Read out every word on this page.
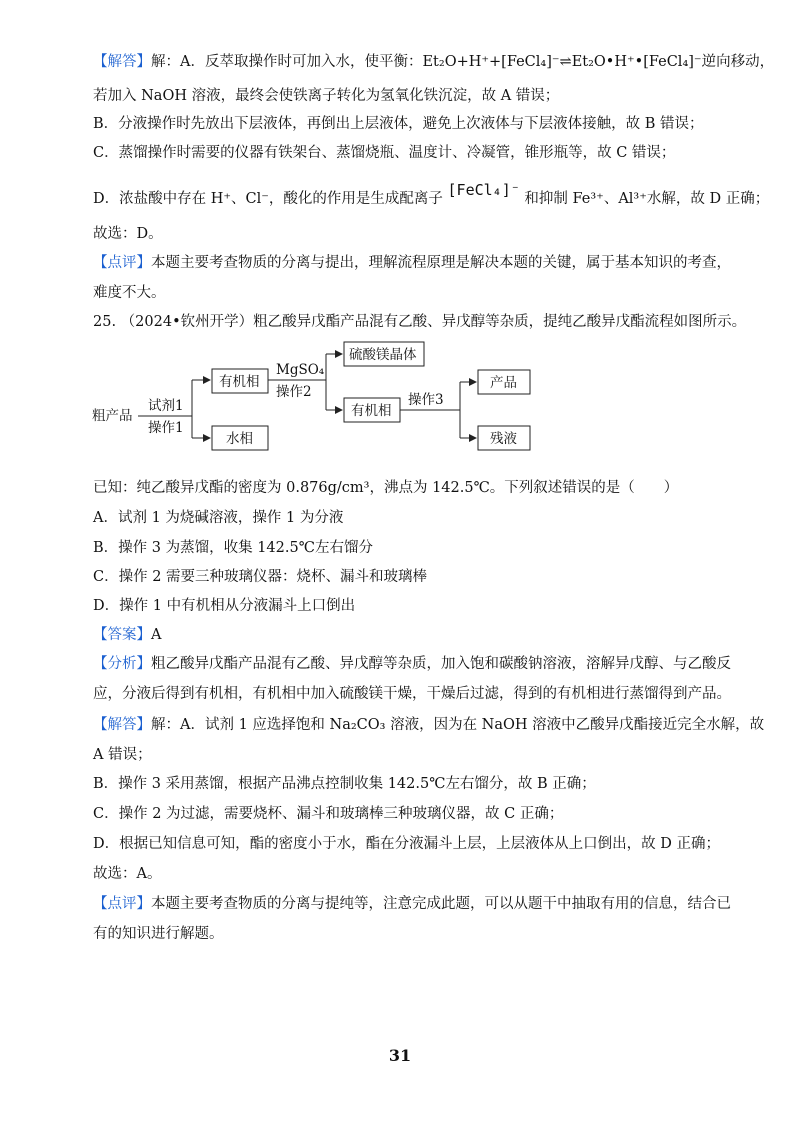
【解答】解：A．反萃取操作时可加入水，使平衡：Et₂O+H⁺+[FeCl₄]⁻⇌Et₂O•H⁺•[FeCl₄]⁻逆向移动，
若加入 NaOH 溶液，最终会使铁离子转化为氢氧化铁沉淀，故 A 错误；
B．分液操作时先放出下层液体，再倒出上层液体，避免上次液体与下层液体接触，故 B 错误；
C．蒸馏操作时需要的仪器有铁架台、蒸馏烧瓶、温度计、冷凝管，锥形瓶等，故 C 错误；
D．浓盐酸中存在 H⁺、Cl⁻，酸化的作用是生成配离子 [FeCl₄]⁻ 和抑制 Fe³⁺、Al³⁺水解，故 D 正确；
故选：D。
【点评】本题主要考查物质的分离与提出，理解流程原理是解决本题的关键，属于基本知识的考查，
难度不大。
25. （2024•钦州开学）粗乙酸异戊酯产品混有乙酸、异戊醇等杂质，提纯乙酸异戊酯流程如图所示。
粗产品
试剂1
操作1
有机相
水相
MgSO₄
操作2
硫酸镁晶体
有机相
操作3
产品
残液
已知：纯乙酸异戊酯的密度为 0.876g/cm³，沸点为 142.5℃。下列叙述错误的是（　　）
A．试剂 1 为烧碱溶液，操作 1 为分液
B．操作 3 为蒸馏，收集 142.5℃左右馏分
C．操作 2 需要三种玻璃仪器：烧杯、漏斗和玻璃棒
D．操作 1 中有机相从分液漏斗上口倒出
【答案】A
【分析】粗乙酸异戊酯产品混有乙酸、异戊醇等杂质，加入饱和碳酸钠溶液，溶解异戊醇、与乙酸反
应，分液后得到有机相，有机相中加入硫酸镁干燥，干燥后过滤，得到的有机相进行蒸馏得到产品。
【解答】解：A．试剂 1 应选择饱和 Na₂CO₃ 溶液，因为在 NaOH 溶液中乙酸异戊酯接近完全水解，故
A 错误；
B．操作 3 采用蒸馏，根据产品沸点控制收集 142.5℃左右馏分，故 B 正确；
C．操作 2 为过滤，需要烧杯、漏斗和玻璃棒三种玻璃仪器，故 C 正确；
D．根据已知信息可知，酯的密度小于水，酯在分液漏斗上层，上层液体从上口倒出，故 D 正确；
故选：A。
【点评】本题主要考查物质的分离与提纯等，注意完成此题，可以从题干中抽取有用的信息，结合已
有的知识进行解题。
31
